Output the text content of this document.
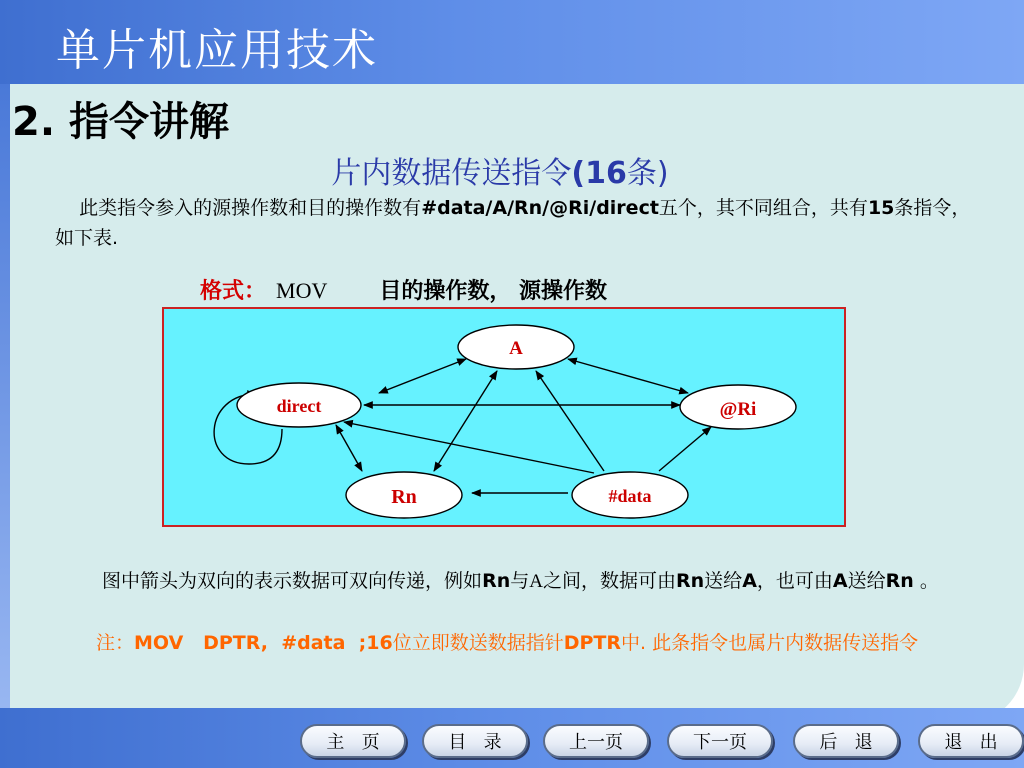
单片机应用技术
2. 指令讲解
片内数据传送指令(16条)
此类指令参入的源操作数和目的操作数有#data/A/Rn/@Ri/direct五个，其不同组合，共有15条指令，如下表.
格式： MOV 目的操作数， 源操作数
A
direct	@Ri
Rn	#data
图中箭头为双向的表示数据可双向传递，例如Rn与A之间，数据可由Rn送给A，也可由A送给Rn 。
注：MOV   DPTR,  #data  ;16位立即数送数据指针DPTR中. 此条指令也属片内数据传送指令
主   页	目   录	上一页	下一页	后   退	退   出
